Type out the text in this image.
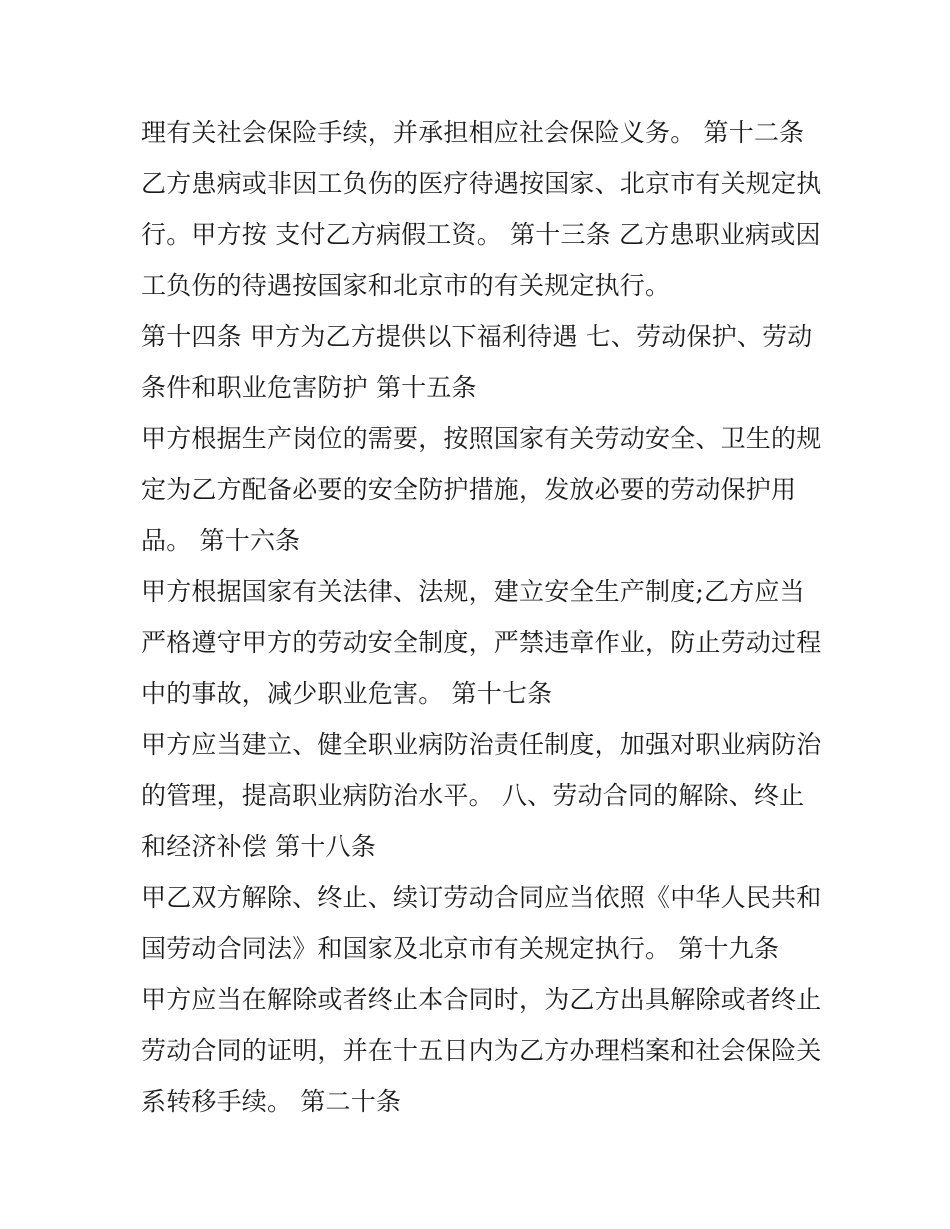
理有关社会保险手续，并承担相应社会保险义务。 第十二条
乙方患病或非因工负伤的医疗待遇按国家、北京市有关规定执
行。甲方按 支付乙方病假工资。 第十三条 乙方患职业病或因
工负伤的待遇按国家和北京市的有关规定执行。
第十四条 甲方为乙方提供以下福利待遇 七、劳动保护、劳动
条件和职业危害防护 第十五条
甲方根据生产岗位的需要，按照国家有关劳动安全、卫生的规
定为乙方配备必要的安全防护措施，发放必要的劳动保护用
品。 第十六条
甲方根据国家有关法律、法规，建立安全生产制度;乙方应当
严格遵守甲方的劳动安全制度，严禁违章作业，防止劳动过程
中的事故，减少职业危害。 第十七条
甲方应当建立、健全职业病防治责任制度，加强对职业病防治
的管理，提高职业病防治水平。 八、劳动合同的解除、终止
和经济补偿 第十八条
甲乙双方解除、终止、续订劳动合同应当依照《中华人民共和
国劳动合同法》和国家及北京市有关规定执行。 第十九条
甲方应当在解除或者终止本合同时，为乙方出具解除或者终止
劳动合同的证明，并在十五日内为乙方办理档案和社会保险关
系转移手续。 第二十条
